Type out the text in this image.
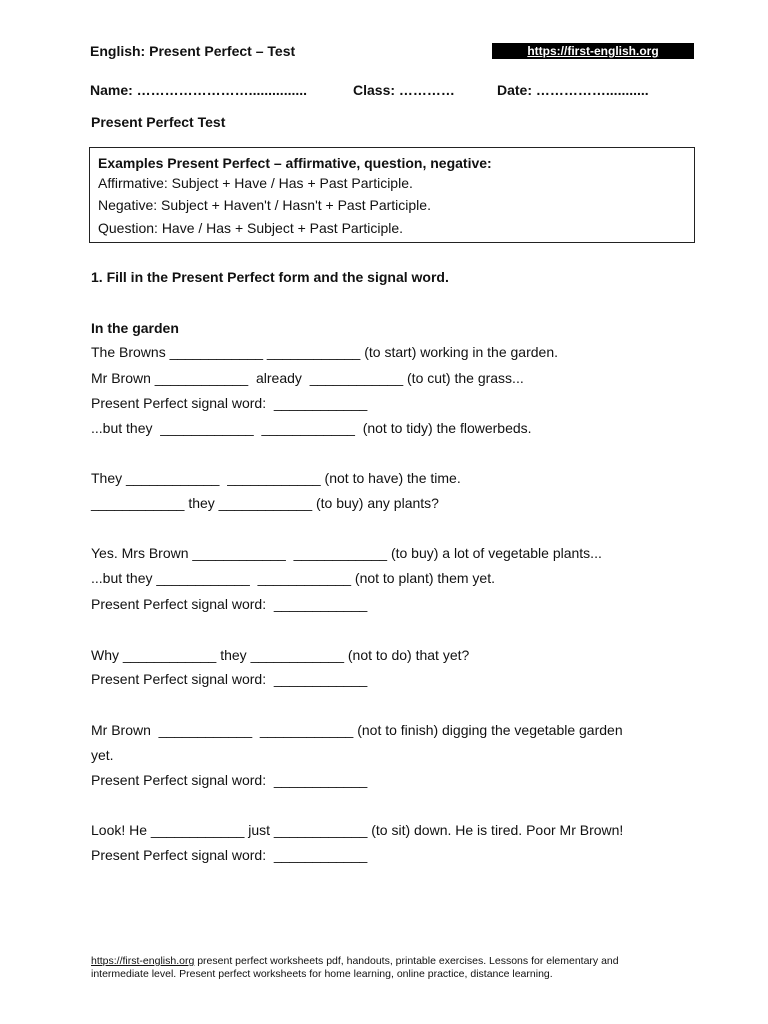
English: Present Perfect – Test	https://first-english.org
Name: ……………………...............	Class: …………	Date: ……………...........
Present Perfect Test
Examples Present Perfect – affirmative, question, negative:
Affirmative: Subject + Have / Has + Past Participle.
Negative: Subject + Haven't / Hasn't + Past Participle.
Question: Have / Has + Subject + Past Participle.
1. Fill in the Present Perfect form and the signal word.
In the garden
The Browns ____________ ____________ (to start) working in the garden.
Mr Brown ____________  already  ____________ (to cut) the grass...
Present Perfect signal word:  ____________
...but they  ____________  ____________  (not to tidy) the flowerbeds.
They ____________  ____________ (not to have) the time.
____________ they ____________ (to buy) any plants?
Yes. Mrs Brown ____________  ____________ (to buy) a lot of vegetable plants...
...but they ____________  ____________ (not to plant) them yet.
Present Perfect signal word:  ____________
Why ____________ they ____________ (not to do) that yet?
Present Perfect signal word:  ____________
Mr Brown  ____________  ____________ (not to finish) digging the vegetable garden
yet.
Present Perfect signal word:  ____________
Look! He ____________ just ____________ (to sit) down. He is tired. Poor Mr Brown!
Present Perfect signal word:  ____________
https://first-english.org present perfect worksheets pdf, handouts, printable exercises. Lessons for elementary and
intermediate level. Present perfect worksheets for home learning, online practice, distance learning.
